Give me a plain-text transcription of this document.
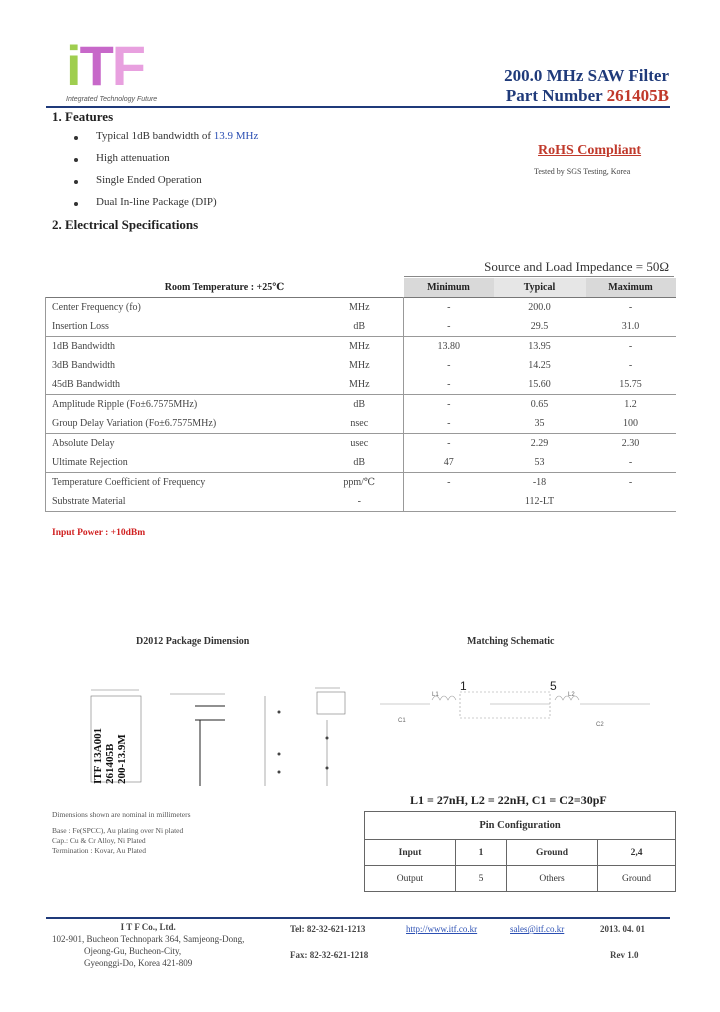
iTF
Integrated Technology Future
200.0 MHz SAW Filter
Part Number 261405B
1. Features
Typical 1dB bandwidth of 13.9 MHz
High attenuation
Single Ended Operation
Dual In-line Package (DIP)
RoHS Compliant
Tested by SGS Testing, Korea
2. Electrical Specifications
Source and Load Impedance = 50Ω
Room Temperature : +25℃		Minimum	Typical	Maximum
Center Frequency (fo)	MHz	-	200.0	-
Insertion Loss	dB	-	29.5	31.0
1dB Bandwidth	MHz	13.80	13.95	-
3dB Bandwidth	MHz	-	14.25	-
45dB Bandwidth	MHz	-	15.60	15.75
Amplitude Ripple (Fo±6.7575MHz)	dB	-	0.65	1.2
Group Delay Variation (Fo±6.7575MHz)	nsec	-	35	100
Absolute Delay	usec	-	2.29	2.30
Ultimate Rejection	dB	47	53	-
Temperature Coefficient of Frequency	ppm/℃	-	-18	-
Substrate Material	-		112-LT	
Input Power : +10dBm
D2012 Package Dimension
ITF 13A001 261405B 200-13.9M
Dimensions shown are nominal in millimeters
Base : Fe(SPCC), Au plating over Ni plated
Cap.: Cu & Cr Alloy, Ni Plated
Termination : Kovar, Au Plated
Matching Schematic
C1
L1	L2
C2
1	5
L1 = 27nH, L2 = 22nH, C1 = C2=30pF
Pin Configuration			
Input	1	Ground	2,4
Output	5	Others	Ground
I T F Co., Ltd.
102-901, Bucheon Technopark 364, Samjeong-Dong,
Ojeong-Gu, Bucheon-City,
Gyeonggi-Do, Korea 421-809
Tel: 82-32-621-1213
Fax: 82-32-621-1218
http://www.itf.co.kr	sales@itf.co.kr	2013. 04. 01
Rev 1.0
